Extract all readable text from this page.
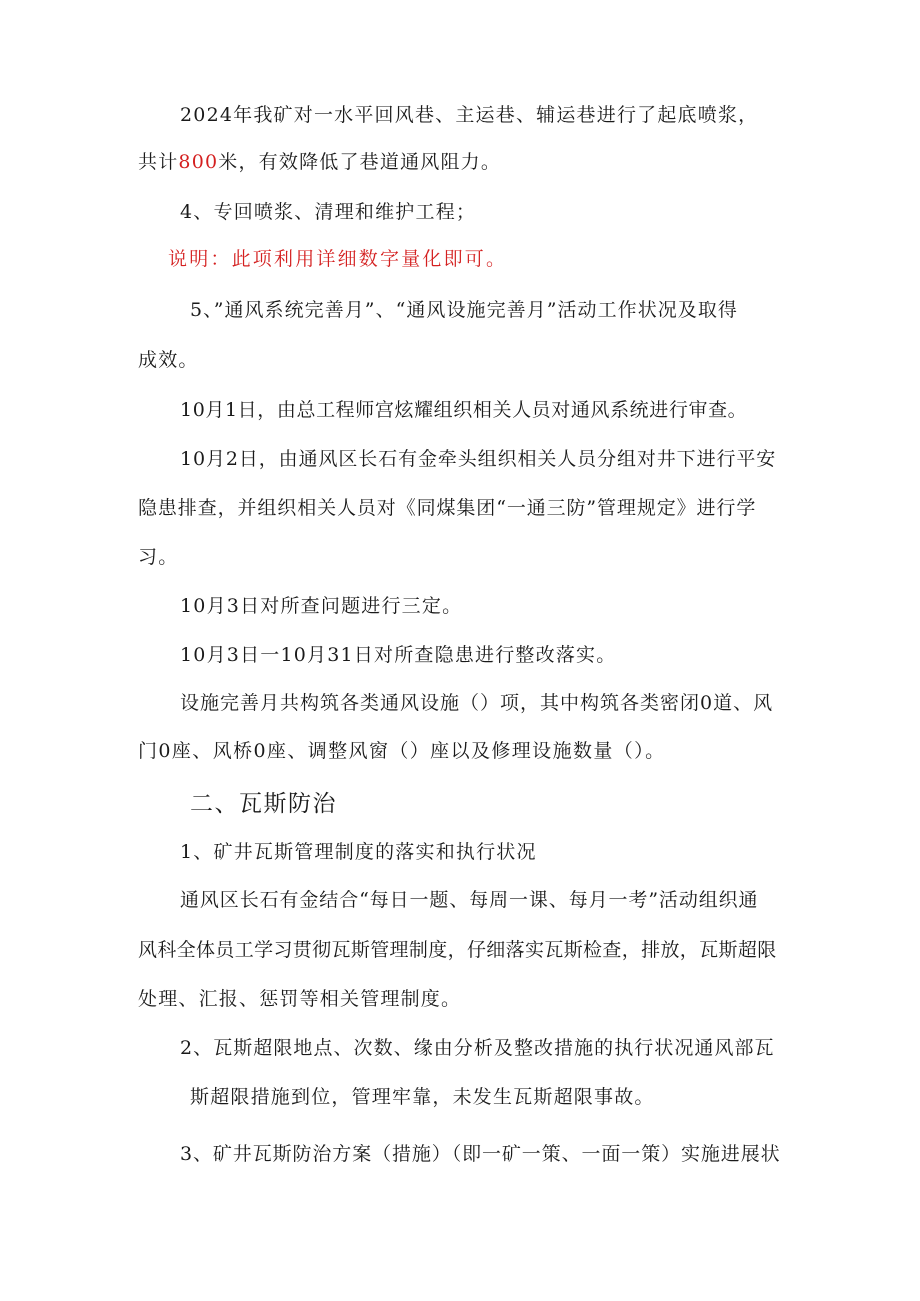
2024年我矿对一水平回风巷、主运巷、辅运巷进行了起底喷浆，
共计800米，有效降低了巷道通风阻力。
4、专回喷浆、清理和维护工程；
说明：此项利用详细数字量化即可。
5、”通风系统完善月”、“通风设施完善月”活动工作状况及取得
成效。
10月1日，由总工程师宫炫耀组织相关人员对通风系统进行审查。
10月2日，由通风区长石有金牵头组织相关人员分组对井下进行平安
隐患排查，并组织相关人员对《同煤集团“一通三防”管理规定》进行学
习。
10月3日对所查问题进行三定。
10月3日一10月31日对所查隐患进行整改落实。
设施完善月共构筑各类通风设施（）项，其中构筑各类密闭0道、风
门0座、风桥0座、调整风窗（）座以及修理设施数量（）。
二、瓦斯防治
1、矿井瓦斯管理制度的落实和执行状况
通风区长石有金结合“每日一题、每周一课、每月一考”活动组织通
风科全体员工学习贯彻瓦斯管理制度，仔细落实瓦斯检查，排放，瓦斯超限
处理、汇报、惩罚等相关管理制度。
2、瓦斯超限地点、次数、缘由分析及整改措施的执行状况通风部瓦
斯超限措施到位，管理牢靠，未发生瓦斯超限事故。
3、矿井瓦斯防治方案（措施）（即一矿一策、一面一策）实施进展状
